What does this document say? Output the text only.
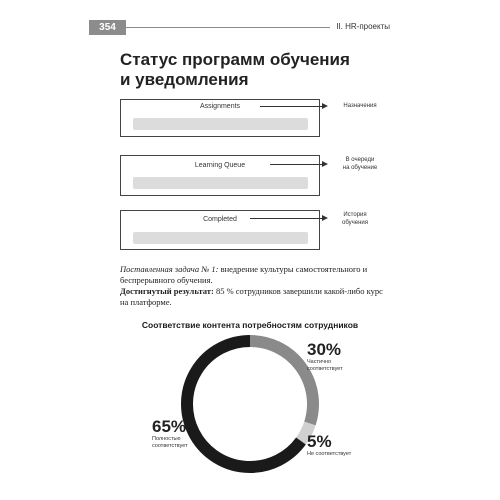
354	II. HR-проекты
Статус программ обучения
и уведомления
Assignments	Назначения
Learning Queue
В очереди
на обучение
Completed
История
обучения
Поставленная задача № 1: внедрение культуры самостоятельного и беспрерывного обучения.
Достигнутый результат: 85 % сотрудников завершили какой-либо курс на платформе.
Соответствие контента потребностям сотрудников
30%
Частично соответствует
5%
Не соответствует
65%
Полностью соответствует
